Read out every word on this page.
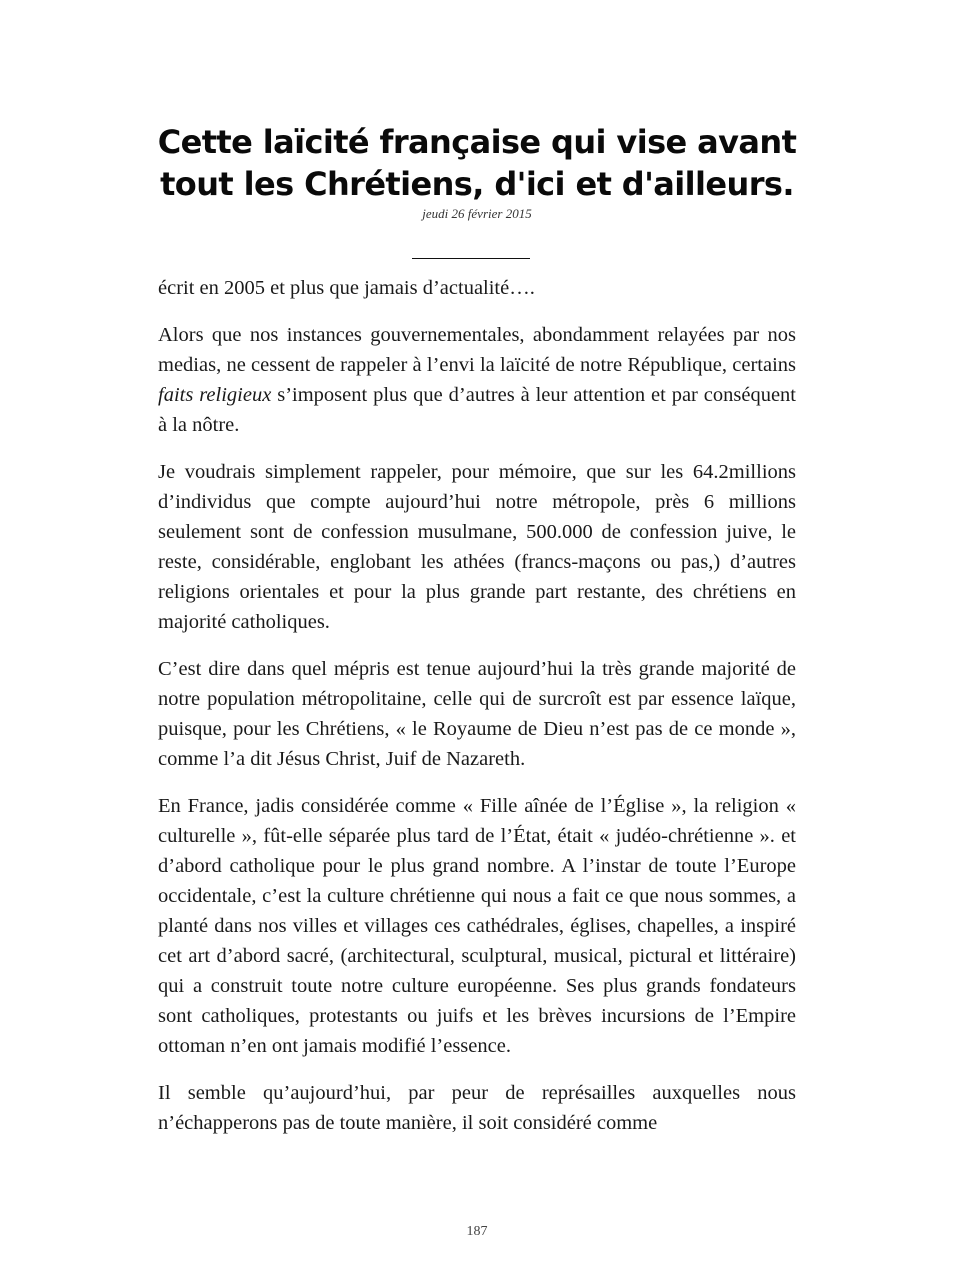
Cette laïcité française qui vise avant tout les Chrétiens, d'ici et d'ailleurs.
jeudi 26 février 2015

écrit en 2005 et plus que jamais d’actualité….

Alors que nos instances gouvernementales, abondamment relayées par nos medias, ne cessent de rappeler à l’envi la laïcité de notre République, certains faits religieux s’imposent plus que d’autres à leur attention et par conséquent à la nôtre.

Je voudrais simplement rappeler, pour mémoire, que sur les 64.2millions d’individus que compte aujourd’hui notre métropole, près 6 millions seulement sont de confession musulmane, 500.000 de confession juive, le reste, considérable, englobant les athées (francs-maçons ou pas,) d’autres religions orientales et pour la plus grande part restante, des chrétiens en majorité catholiques.

C’est dire dans quel mépris est tenue aujourd’hui la très grande majorité de notre population métropolitaine, celle qui de surcroît est par essence laïque, puisque, pour les Chrétiens, « le Royaume de Dieu n’est pas de ce monde », comme l’a dit Jésus Christ, Juif de Nazareth.

En France, jadis considérée comme « Fille aînée de l’Église », la religion « culturelle », fût-elle séparée plus tard de l’État, était « judéo-chrétienne ». et d’abord catholique pour le plus grand nombre. A l’instar de toute l’Europe occidentale, c’est la culture chrétienne qui nous a fait ce que nous sommes, a planté dans nos villes et villages ces cathédrales, églises, chapelles, a inspiré cet art d’abord sacré, (architectural, sculptural, musical, pictural et littéraire) qui a construit toute notre culture européenne. Ses plus grands fondateurs sont catholiques, protestants ou juifs et les brèves incursions de l’Empire ottoman n’en ont jamais modifié l’essence.

Il semble qu’aujourd’hui, par peur de représailles auxquelles nous n’échapperons pas de toute manière, il soit considéré comme

187
